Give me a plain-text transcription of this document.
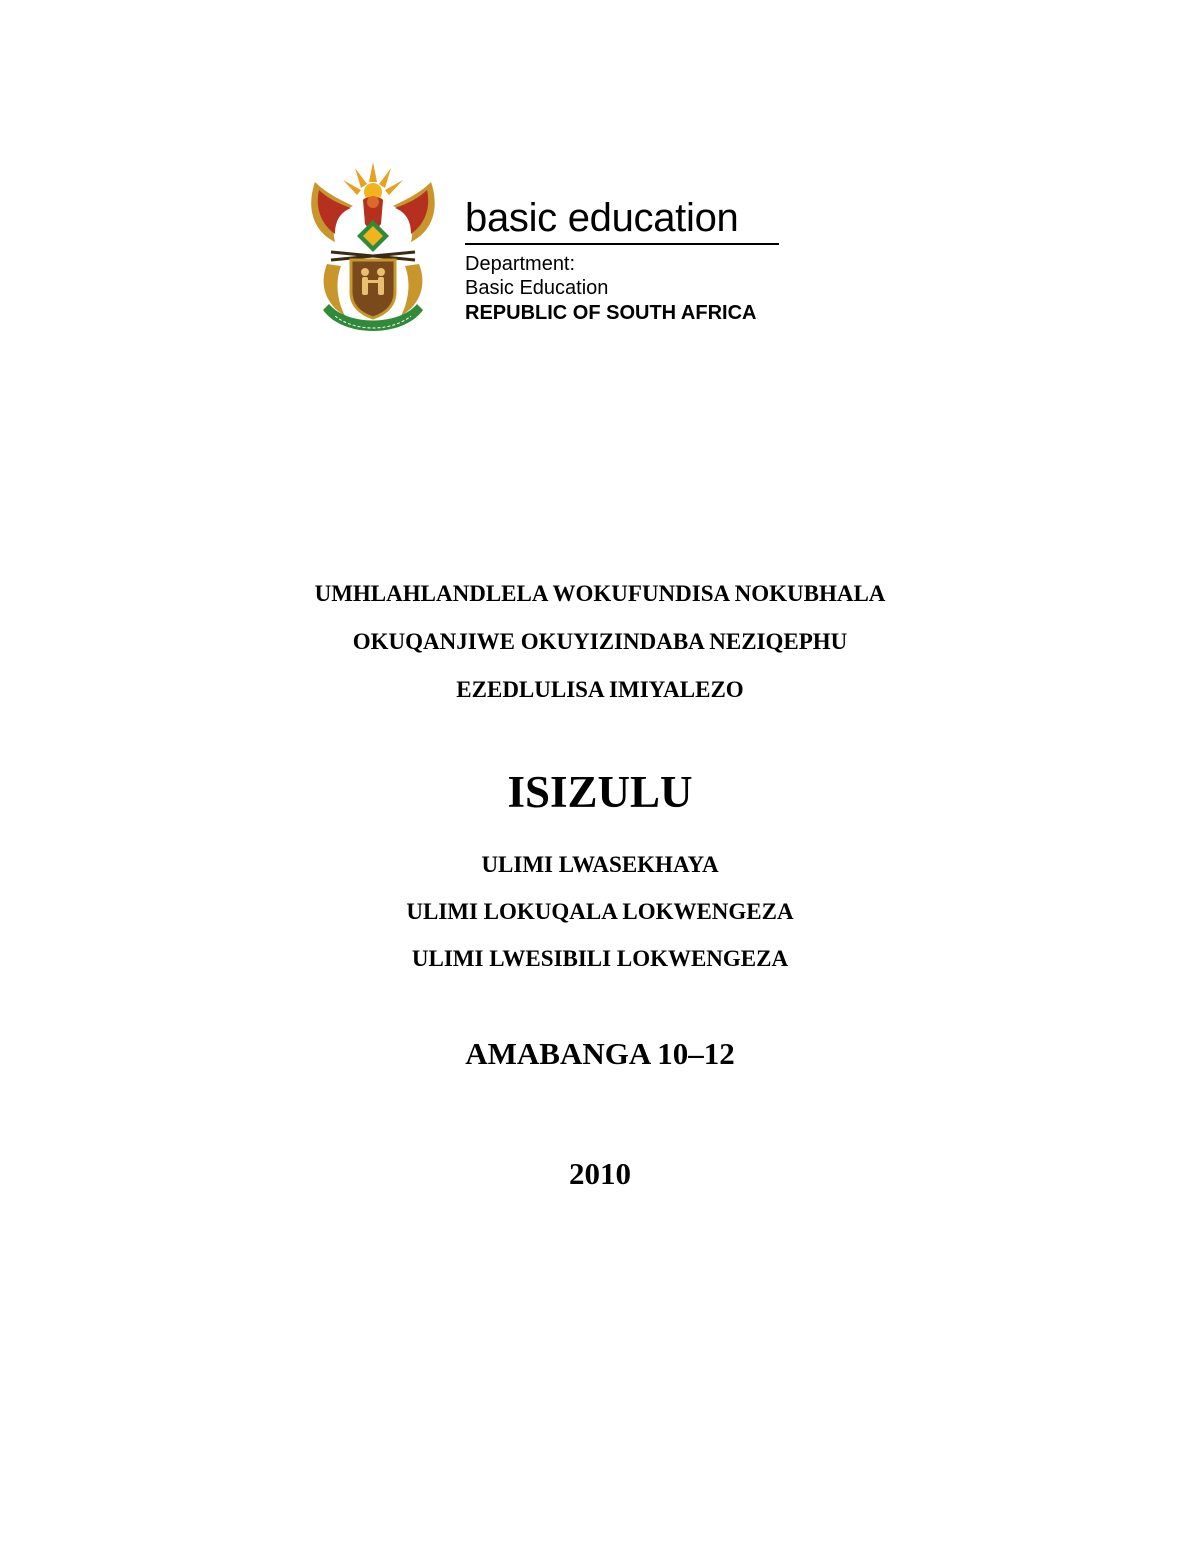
basic education
Department:
Basic Education
REPUBLIC OF SOUTH AFRICA
UMHLAHLANDLELA WOKUFUNDISA NOKUBHALA
OKUQANJIWE OKUYIZINDABA NEZIQEPHU
EZEDLULISA IMIYALEZO
ISIZULU
ULIMI LWASEKHAYA
ULIMI LOKUQALA LOKWENGEZA
ULIMI LWESIBILI LOKWENGEZA
AMABANGA 10–12
2010
